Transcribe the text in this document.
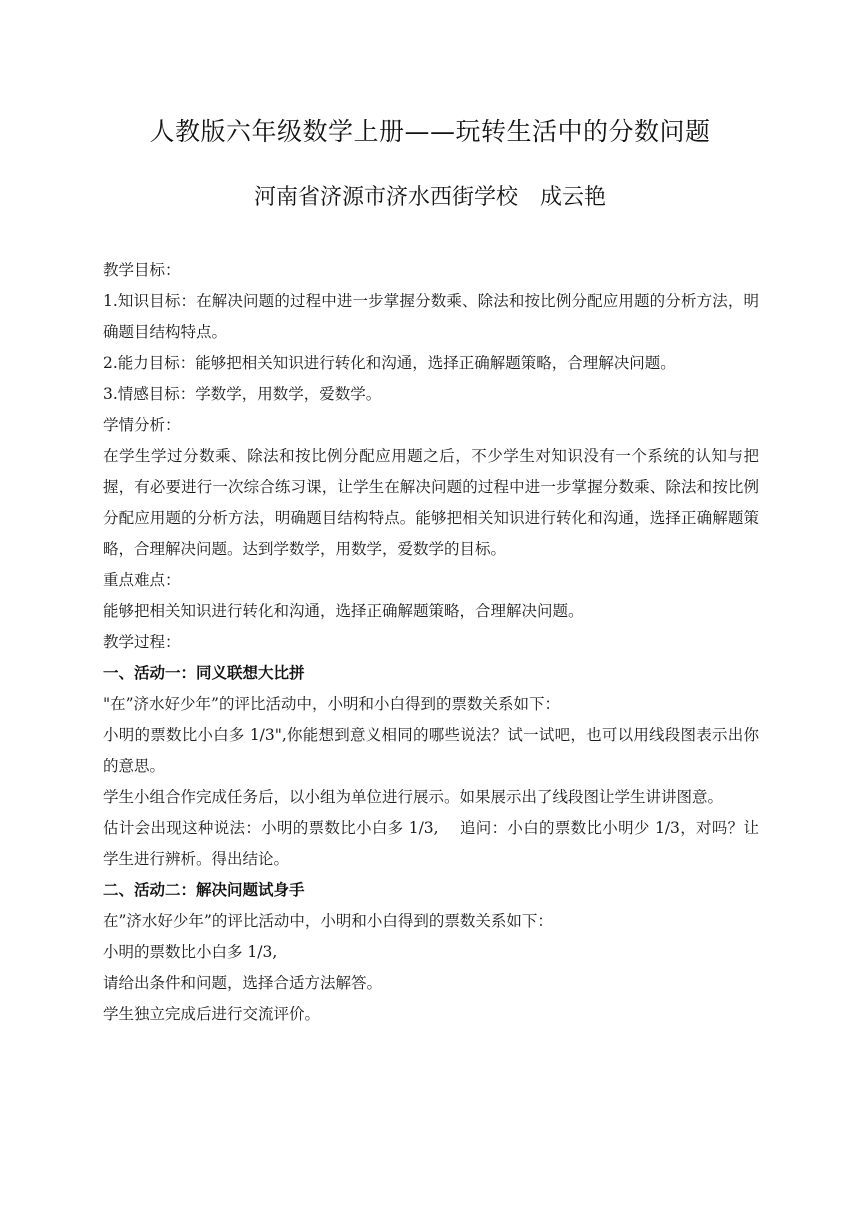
人教版六年级数学上册——玩转生活中的分数问题
河南省济源市济水西街学校 成云艳

教学目标：

1.知识目标：在解决问题的过程中进一步掌握分数乘、除法和按比例分配应用题的分析方法，明确题目结构特点。

2.能力目标：能够把相关知识进行转化和沟通，选择正确解题策略，合理解决问题。

3.情感目标：学数学，用数学，爱数学。

学情分析：

在学生学过分数乘、除法和按比例分配应用题之后，不少学生对知识没有一个系统的认知与把握，有必要进行一次综合练习课，让学生在解决问题的过程中进一步掌握分数乘、除法和按比例分配应用题的分析方法，明确题目结构特点。能够把相关知识进行转化和沟通，选择正确解题策略，合理解决问题。达到学数学，用数学，爱数学的目标。

重点难点：

能够把相关知识进行转化和沟通，选择正确解题策略，合理解决问题。

教学过程：

一、活动一：同义联想大比拼

"在”济水好少年”的评比活动中，小明和小白得到的票数关系如下：

小明的票数比小白多 1/3",你能想到意义相同的哪些说法？试一试吧，也可以用线段图表示出你的意思。

学生小组合作完成任务后，以小组为单位进行展示。如果展示出了线段图让学生讲讲图意。

估计会出现这种说法：小明的票数比小白多 1/3,　 追问：小白的票数比小明少 1/3，对吗？让学生进行辨析。得出结论。

二、活动二：解决问题试身手

在”济水好少年”的评比活动中，小明和小白得到的票数关系如下：

小明的票数比小白多 1/3,

请给出条件和问题，选择合适方法解答。

学生独立完成后进行交流评价。
